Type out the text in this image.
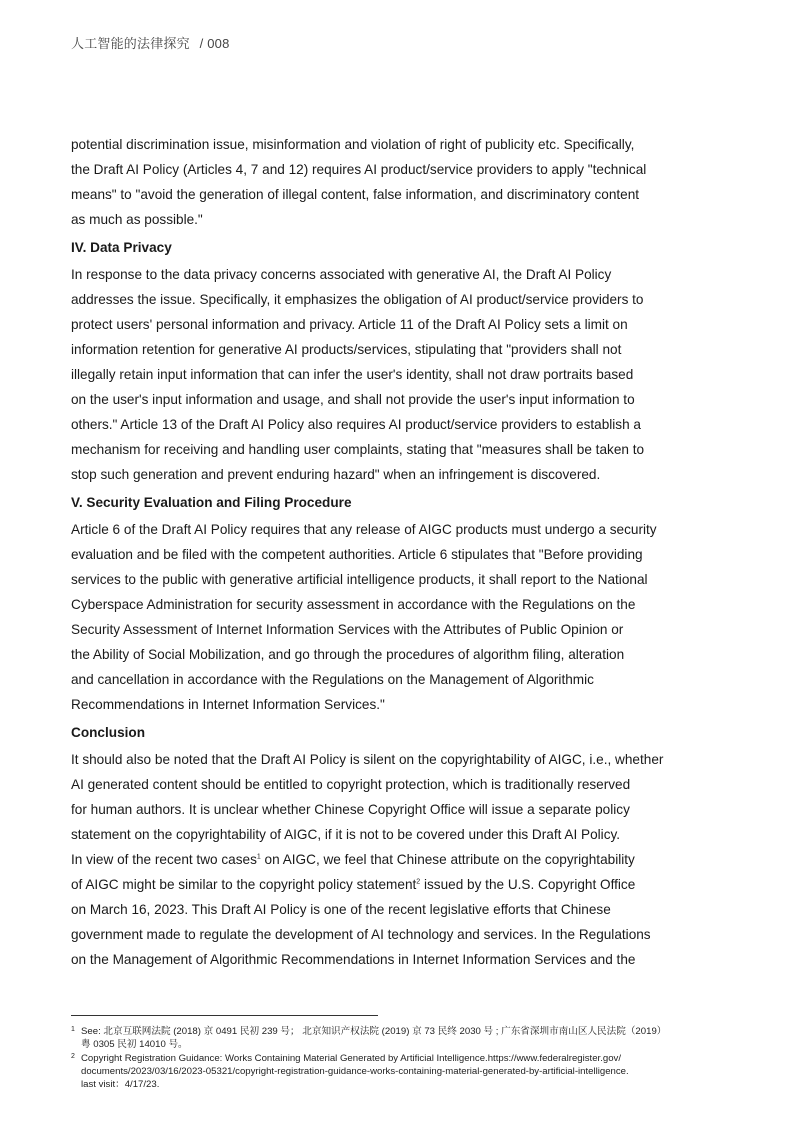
人工智能的法律探究 / 008

potential discrimination issue, misinformation and violation of right of publicity etc. Specifically,
the Draft AI Policy (Articles 4, 7 and 12) requires AI product/service providers to apply "technical
means" to "avoid the generation of illegal content, false information, and discriminatory content
as much as possible."

IV. Data Privacy

In response to the data privacy concerns associated with generative AI, the Draft AI Policy
addresses the issue. Specifically, it emphasizes the obligation of AI product/service providers to
protect users' personal information and privacy. Article 11 of the Draft AI Policy sets a limit on
information retention for generative AI products/services, stipulating that "providers shall not
illegally retain input information that can infer the user's identity, shall not draw portraits based
on the user's input information and usage, and shall not provide the user's input information to
others." Article 13 of the Draft AI Policy also requires AI product/service providers to establish a
mechanism for receiving and handling user complaints, stating that "measures shall be taken to
stop such generation and prevent enduring hazard" when an infringement is discovered.

V. Security Evaluation and Filing Procedure

Article 6 of the Draft AI Policy requires that any release of AIGC products must undergo a security
evaluation and be filed with the competent authorities. Article 6 stipulates that "Before providing
services to the public with generative artificial intelligence products, it shall report to the National
Cyberspace Administration for security assessment in accordance with the Regulations on the
Security Assessment of Internet Information Services with the Attributes of Public Opinion or
the Ability of Social Mobilization, and go through the procedures of algorithm filing, alteration
and cancellation in accordance with the Regulations on the Management of Algorithmic
Recommendations in Internet Information Services."

Conclusion

It should also be noted that the Draft AI Policy is silent on the copyrightability of AIGC, i.e., whether
AI generated content should be entitled to copyright protection, which is traditionally reserved
for human authors. It is unclear whether Chinese Copyright Office will issue a separate policy
statement on the copyrightability of AIGC, if it is not to be covered under this Draft AI Policy.

In view of the recent two cases$^1$ on AIGC, we feel that Chinese attribute on the copyrightability
of AIGC might be similar to the copyright policy statement$^2$ issued by the U.S. Copyright Office
on March 16, 2023. This Draft AI Policy is one of the recent legislative efforts that Chinese
government made to regulate the development of AI technology and services. In the Regulations
on the Management of Algorithmic Recommendations in Internet Information Services and the

1 See: 北京互联网法院 (2018) 京 0491 民初 239 号； 北京知识产权法院 (2019) 京 73 民终 2030 号 ; 广东省深圳市南山区人民法院（2019）
粤 0305 民初 14010 号。
2 Copyright Registration Guidance: Works Containing Material Generated by Artificial Intelligence.https://www.federalregister.gov/
documents/2023/03/16/2023-05321/copyright-registration-guidance-works-containing-material-generated-by-artificial-intelligence.
last visit：4/17/23.
